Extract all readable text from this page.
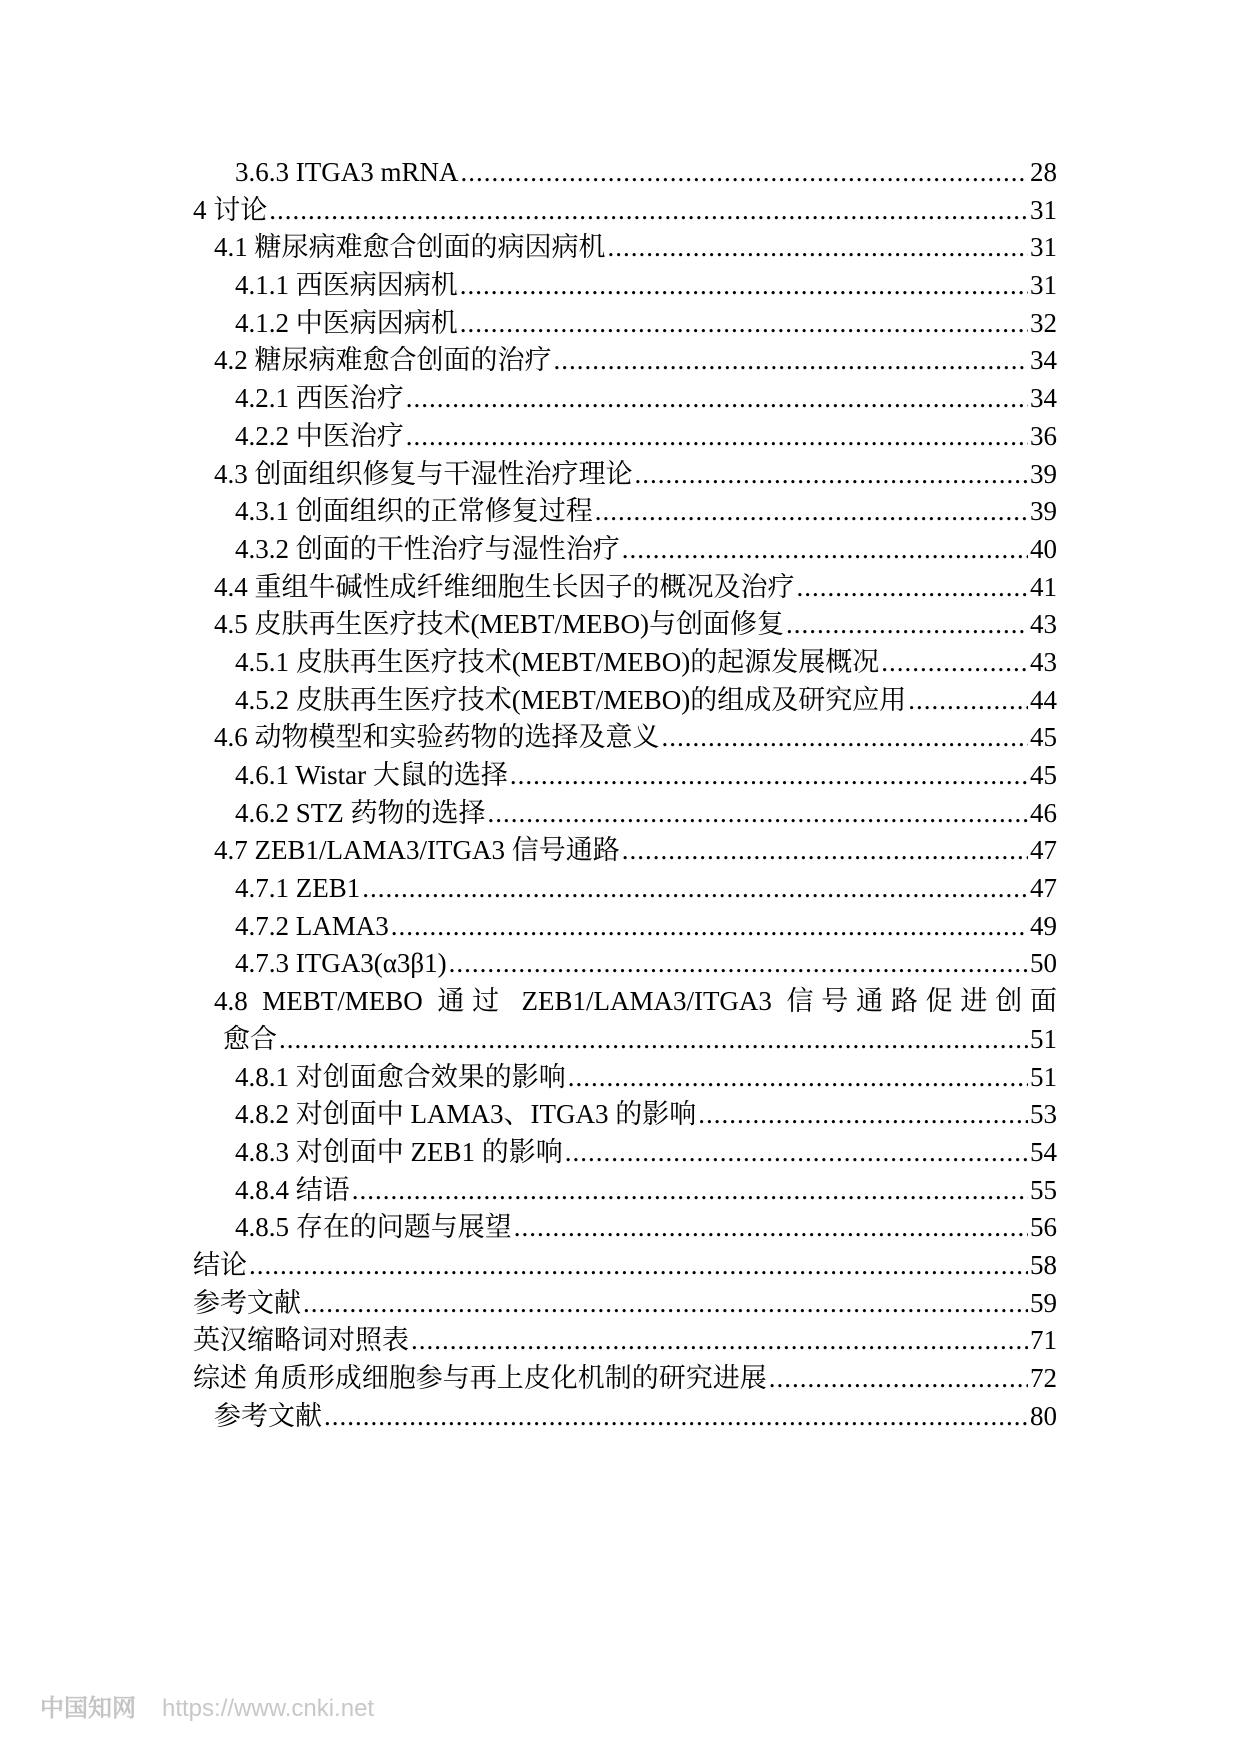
3.6.3 ITGA3 mRNA .....	28
4 讨论 .....	31
4.1 糖尿病难愈合创面的病因病机 .....	31
4.1.1 西医病因病机 .....	31
4.1.2 中医病因病机 .....	32
4.2 糖尿病难愈合创面的治疗 .....	34
4.2.1 西医治疗 .....	34
4.2.2 中医治疗 .....	36
4.3 创面组织修复与干湿性治疗理论 .....	39
4.3.1 创面组织的正常修复过程 .....	39
4.3.2 创面的干性治疗与湿性治疗 .....	40
4.4 重组牛碱性成纤维细胞生长因子的概况及治疗 .....	41
4.5 皮肤再生医疗技术(MEBT/MEBO)与创面修复 .....	43
4.5.1 皮肤再生医疗技术(MEBT/MEBO)的起源发展概况 .....	43
4.5.2 皮肤再生医疗技术(MEBT/MEBO)的组成及研究应用 .....	44
4.6 动物模型和实验药物的选择及意义 .....	45
4.6.1 Wistar 大鼠的选择 .....	45
4.6.2 STZ 药物的选择 .....	46
4.7 ZEB1/LAMA3/ITGA3 信号通路 .....	47
4.7.1 ZEB1 .....	47
4.7.2 LAMA3 .....	49
4.7.3 ITGA3(α3β1) .....	50
4.8 MEBT/MEBO 通过 ZEB1/LAMA3/ITGA3 信号通路促进创面
愈合 .....	51
4.8.1 对创面愈合效果的影响 .....	51
4.8.2 对创面中 LAMA3、ITGA3 的影响 .....	53
4.8.3 对创面中 ZEB1 的影响 .....	54
4.8.4 结语 .....	55
4.8.5 存在的问题与展望 .....	56
结论 .....	58
参考文献 .....	59
英汉缩略词对照表 .....	71
综述 角质形成细胞参与再上皮化机制的研究进展 .....	72
参考文献 .....	80
中国知网 https://www.cnki.net
